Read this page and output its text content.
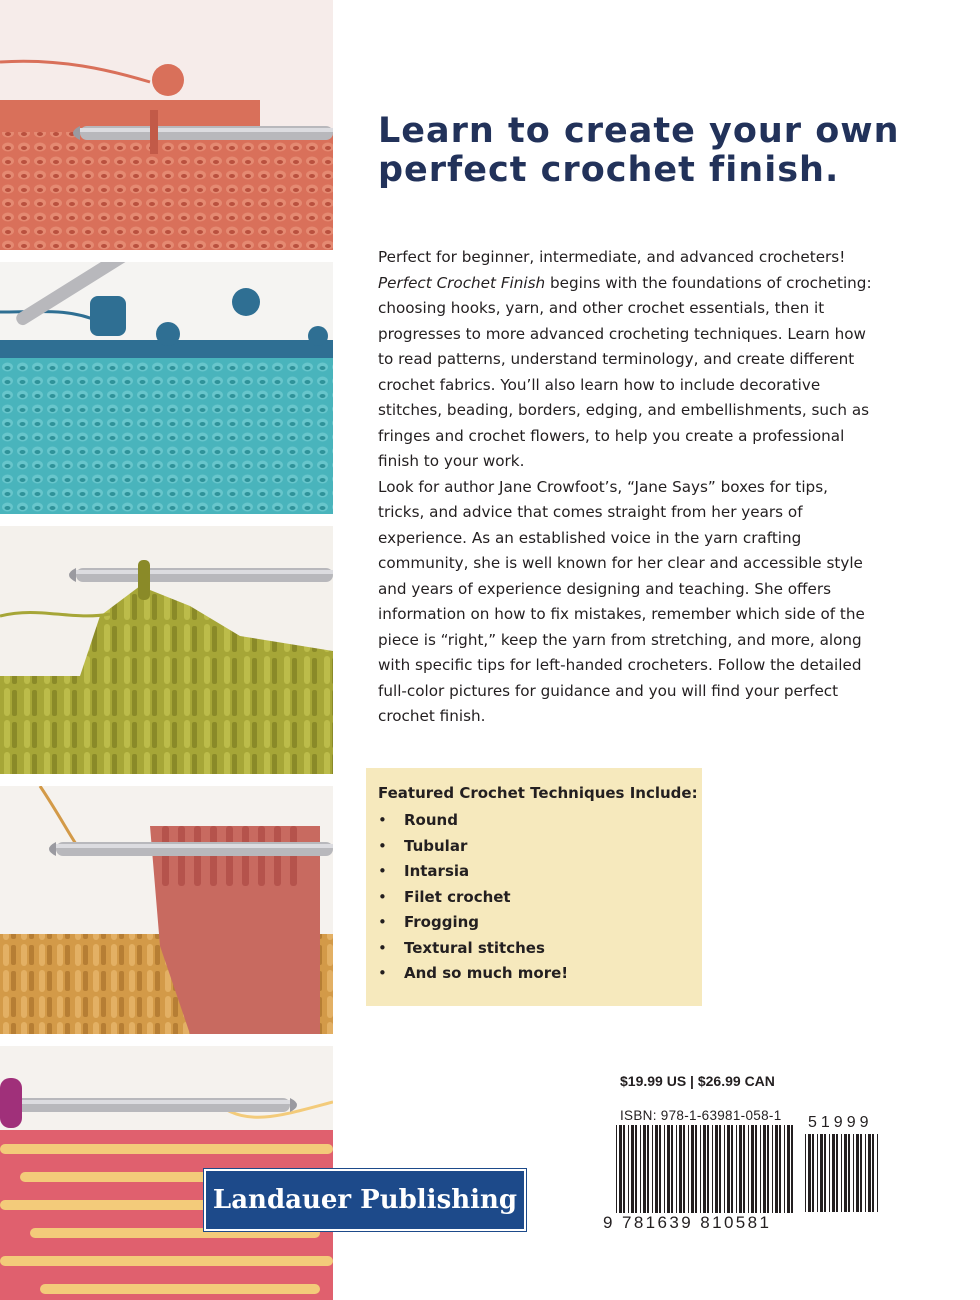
Learn to create your own perfect crochet finish.

Perfect for beginner, intermediate, and advanced crocheters!
Perfect Crochet Finish begins with the foundations of crocheting: choosing hooks, yarn, and other crochet essentials, then it progresses to more advanced crocheting techniques. Learn how to read patterns, understand terminology, and create different crochet fabrics. You’ll also learn how to include decorative stitches, beading, borders, edging, and embellishments, such as fringes and crochet flowers, to help you create a professional finish to your work.

Look for author Jane Crowfoot’s, “Jane Says” boxes for tips, tricks, and advice that comes straight from her years of experience. As an established voice in the yarn crafting community, she is well known for her clear and accessible style and years of experience designing and teaching. She offers information on how to fix mistakes, remember which side of the piece is “right,” keep the yarn from stretching, and more, along with specific tips for left-handed crocheters. Follow the detailed full-color pictures for guidance and you will find your perfect crochet finish.

Featured Crochet Techniques Include:
• Round
• Tubular
• Intarsia
• Filet crochet
• Frogging
• Textural stitches
• And so much more!
$19.99 US | $26.99 CAN
ISBN: 978-1-63981-058-1
9 781639 810581
51999
Landauer Publishing
